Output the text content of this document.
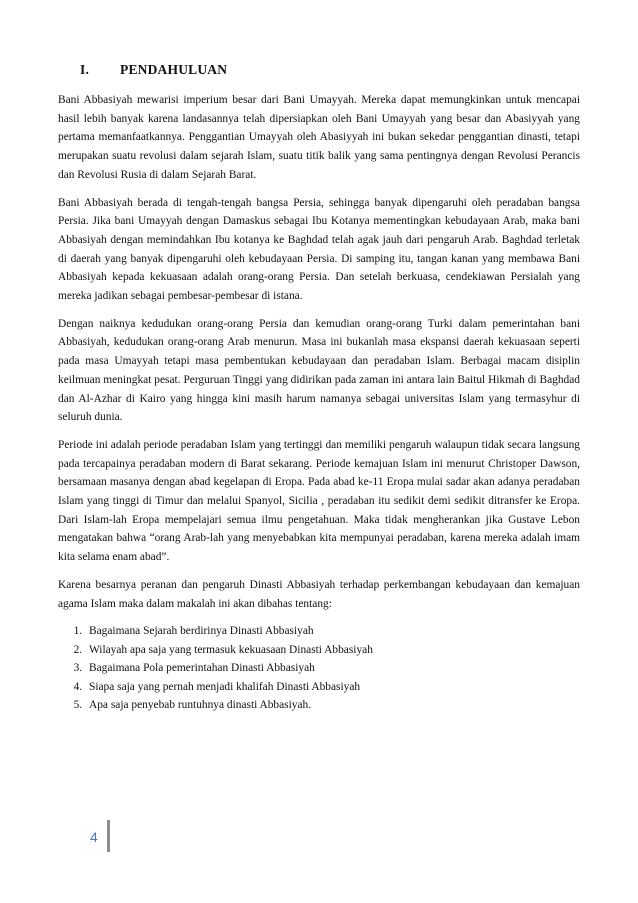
I. PENDAHULUAN

Bani Abbasiyah mewarisi imperium besar dari Bani Umayyah. Mereka dapat memungkinkan untuk mencapai hasil lebih banyak karena landasannya telah dipersiapkan oleh Bani Umayyah yang besar dan Abasiyyah yang pertama memanfaatkannya. Penggantian Umayyah oleh Abasiyyah ini bukan sekedar penggantian dinasti, tetapi merupakan suatu revolusi dalam sejarah Islam, suatu titik balik yang sama pentingnya dengan Revolusi Perancis dan Revolusi Rusia di dalam Sejarah Barat.

Bani Abbasiyah berada di tengah-tengah bangsa Persia, sehingga banyak dipengaruhi oleh peradaban bangsa Persia. Jika bani Umayyah dengan Damaskus sebagai Ibu Kotanya mementingkan kebudayaan Arab, maka bani Abbasiyah dengan memindahkan Ibu kotanya ke Baghdad telah agak jauh dari pengaruh Arab. Baghdad terletak di daerah yang banyak dipengaruhi oleh kebudayaan Persia. Di samping itu, tangan kanan yang membawa Bani Abbasiyah kepada kekuasaan adalah orang-orang Persia. Dan setelah berkuasa, cendekiawan Persialah yang mereka jadikan sebagai pembesar-pembesar di istana.

Dengan naiknya kedudukan orang-orang Persia dan kemudian orang-orang Turki dalam pemerintahan bani Abbasiyah, kedudukan orang-orang Arab menurun. Masa ini bukanlah masa ekspansi daerah kekuasaan seperti pada masa Umayyah tetapi masa pembentukan kebudayaan dan peradaban Islam. Berbagai macam disiplin keilmuan meningkat pesat. Perguruan Tinggi yang didirikan pada zaman ini antara lain Baitul Hikmah di Baghdad dan Al-Azhar di Kairo yang hingga kini masih harum namanya sebagai universitas Islam yang termasyhur di seluruh dunia.

Periode ini adalah periode peradaban Islam yang tertinggi dan memiliki pengaruh walaupun tidak secara langsung pada tercapainya peradaban modern di Barat sekarang. Periode kemajuan Islam ini menurut Christoper Dawson, bersamaan masanya dengan abad kegelapan di Eropa. Pada abad ke-11 Eropa mulai sadar akan adanya peradaban Islam yang tinggi di Timur dan melalui Spanyol, Sicilia , peradaban itu sedikit demi sedikit ditransfer ke Eropa. Dari Islam-lah Eropa mempelajari semua ilmu pengetahuan. Maka tidak mengherankan jika Gustave Lebon mengatakan bahwa “orang Arab-lah yang menyebabkan kita mempunyai peradaban, karena mereka adalah imam kita selama enam abad”.

Karena besarnya peranan dan pengaruh Dinasti Abbasiyah terhadap perkembangan kebudayaan dan kemajuan agama Islam maka dalam makalah ini akan dibahas tentang:

1. Bagaimana Sejarah berdirinya Dinasti Abbasiyah
2. Wilayah apa saja yang termasuk kekuasaan Dinasti Abbasiyah
3. Bagaimana Pola pemerintahan Dinasti Abbasiyah
4. Siapa saja yang pernah menjadi khalifah Dinasti Abbasiyah
5. Apa saja penyebab runtuhnya dinasti Abbasiyah.
4
